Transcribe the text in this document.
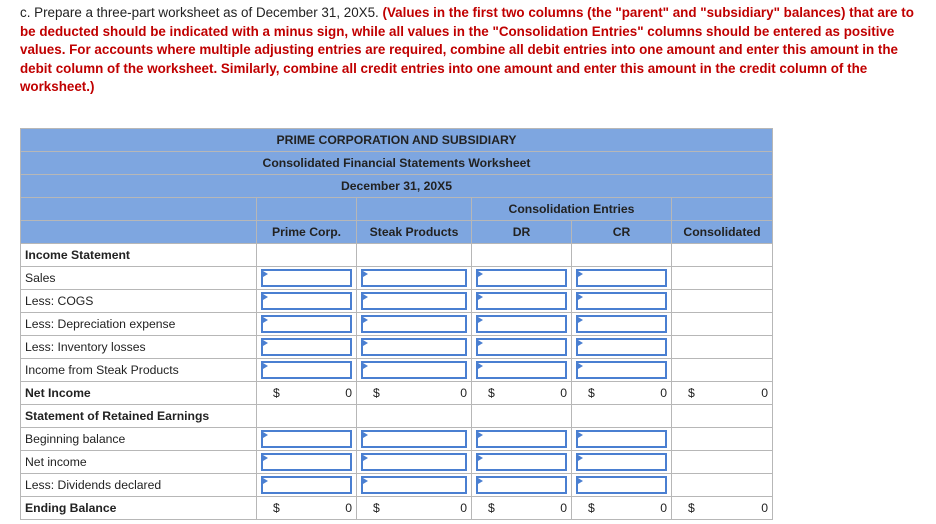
c. Prepare a three-part worksheet as of December 31, 20X5. (Values in the first two columns (the "parent" and "subsidiary" balances) that are to be deducted should be indicated with a minus sign, while all values in the "Consolidation Entries" columns should be entered as positive values. For accounts where multiple adjusting entries are required, combine all debit entries into one amount and enter this amount in the debit column of the worksheet. Similarly, combine all credit entries into one amount and enter this amount in the credit column of the worksheet.)
PRIME CORPORATION AND SUBSIDIARY					
Consolidated Financial Statements Worksheet					
December 31, 20X5					
			Consolidation Entries		
	Prime Corp.	Steak Products	DR	CR	Consolidated
Income Statement					
Sales	

Less: COGS	

Less: Depreciation expense	

Less: Inventory losses	

Income from Steak Products	

Net Income	$ 0	$ 0	$ 0	$ 0	$ 0

Statement of Retained Earnings					
Beginning balance	

Net income	

Less: Dividends declared	

Ending Balance	$ 0	$ 0	$ 0	$ 0	$ 0
